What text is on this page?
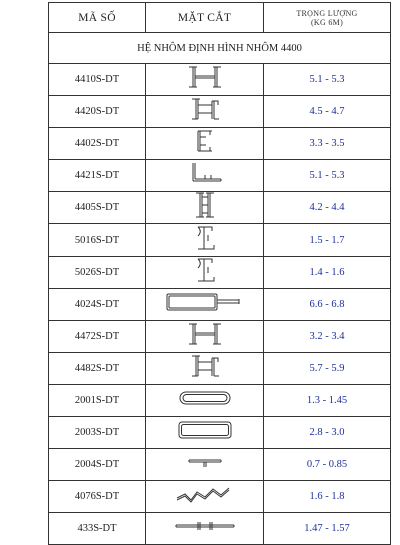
MÃ SỐ	MẶT CẮT	TRỌNG LƯỢNG
(KG 6M)

HỆ NHÔM ĐỊNH HÌNH NHÔM 4400		
4410S-DT		5.1 - 5.3
4420S-DT		4.5 - 4.7
4402S-DT		3.3 - 3.5
4421S-DT		5.1 - 5.3
4405S-DT		4.2 - 4.4
5016S-DT		1.5 - 1.7
5026S-DT		1.4 - 1.6
4024S-DT		6.6 - 6.8
4472S-DT		3.2 - 3.4
4482S-DT		5.7 - 5.9
2001S-DT		1.3 - 1.45
2003S-DT		2.8 - 3.0
2004S-DT		0.7 - 0.85
4076S-DT		1.6 - 1.8
433S-DT		1.47 - 1.57
